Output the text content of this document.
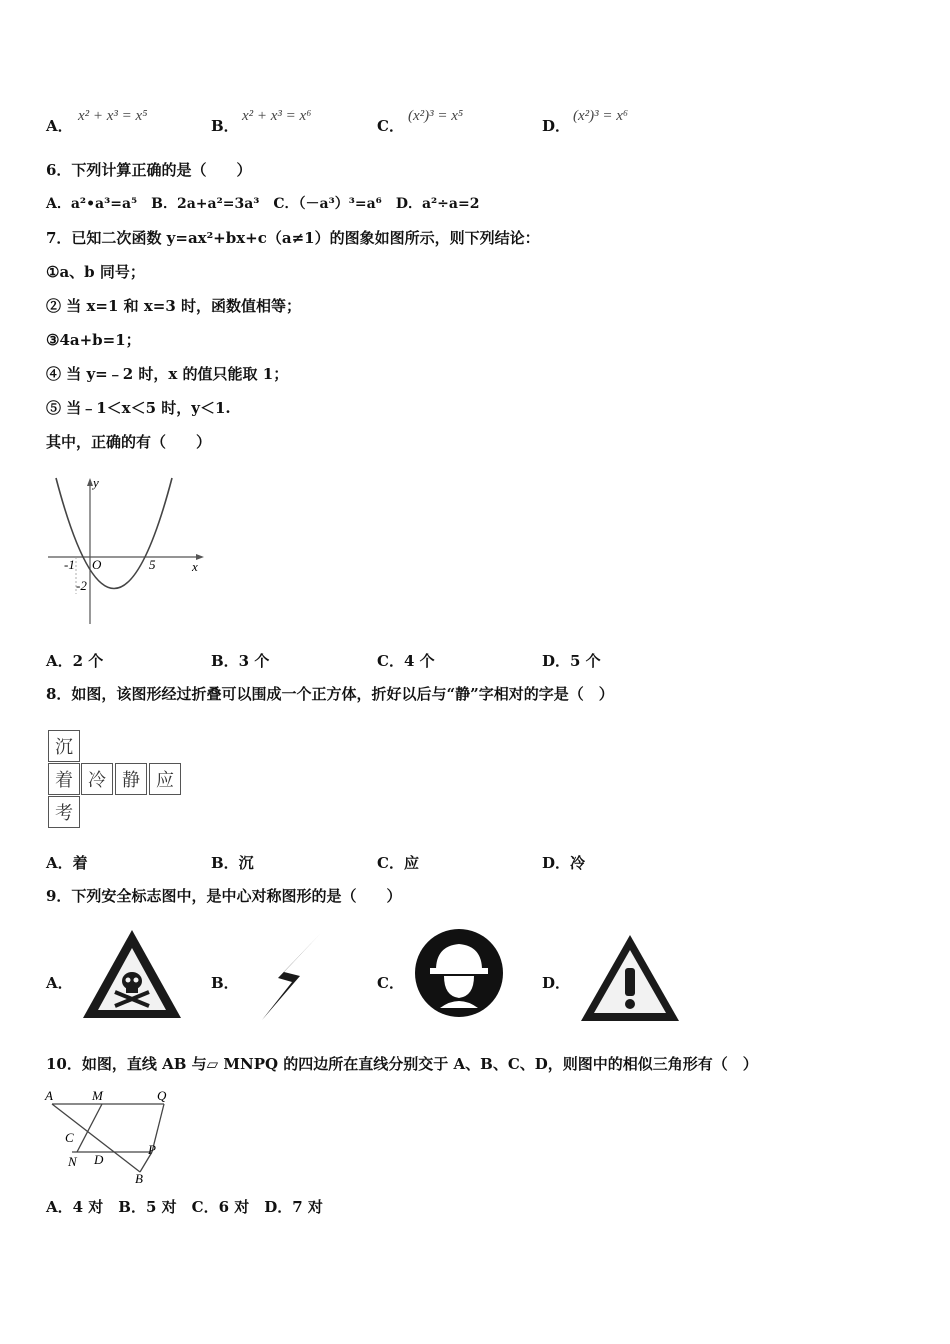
A．
x² + x³ = x⁵
B．
x² + x³ = x⁶
C．
(x²)³ = x⁵
D．
(x²)³ = x⁶
6．下列计算正确的是（　　）
A．a²•a³=a⁵　B．2a+a²=3a³　C．（－a³）³=a⁶　D．a²÷a=2
7．已知二次函数 y=ax²+bx+c（a≠1）的图象如图所示，则下列结论：
①a、b 同号；
② 当 x=1 和 x=3 时，函数值相等；
③4a+b=1；
④ 当 y=﹣2 时，x 的值只能取 1；
⑤ 当﹣1＜x＜5 时，y＜1.
其中，正确的有（　　）
y
x
O
-1	5
-2
A．2 个	B．3 个	C．4 个	D．5 个
8．如图，该图形经过折叠可以围成一个正方体，折好以后与“静”字相对的字是（　）
沉
着 冷 静 应
考
A．着	B．沉	C．应	D．冷
9．下列安全标志图中，是中心对称图形的是（　　）
A．	B．	C．	D．
10．如图，直线 AB 与▱ MNPQ 的四边所在直线分别交于 A、B、C、D，则图中的相似三角形有（　）
A	M	Q
C
N D
P
B
A．4 对　B．5 对　C．6 对　D．7 对
